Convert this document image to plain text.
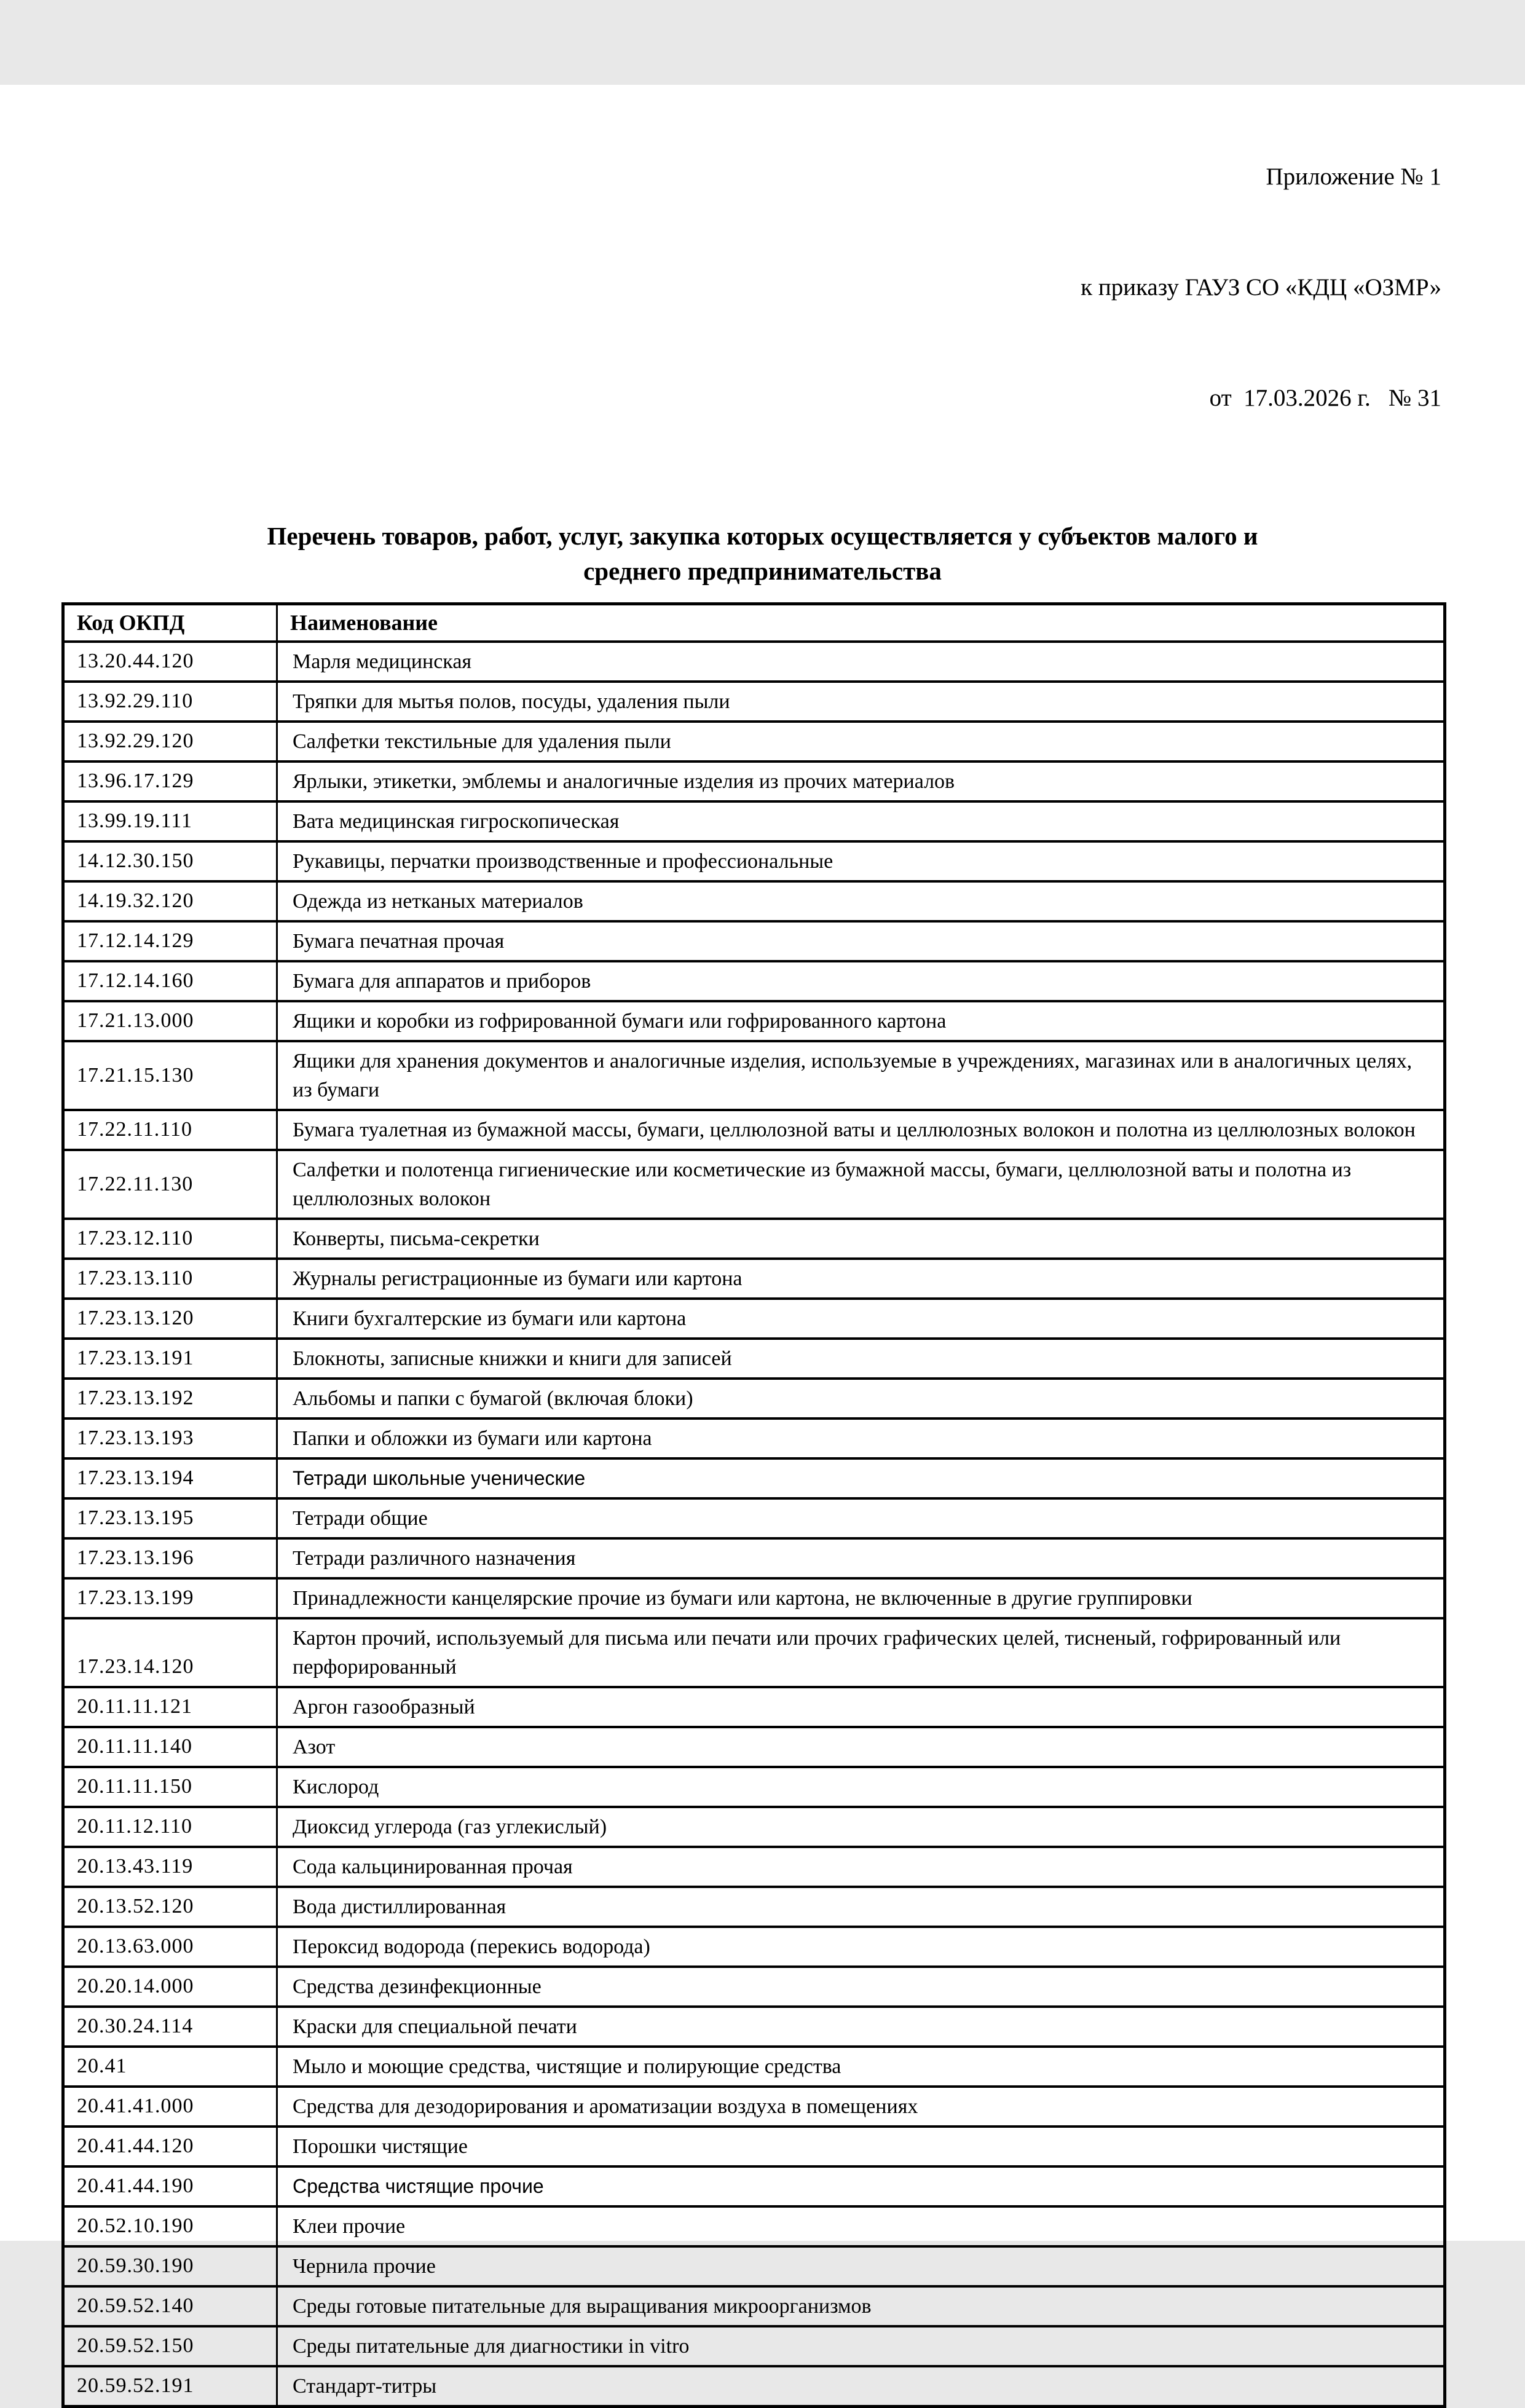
Приложение № 1

к приказу ГАУЗ СО «КДЦ «ОЗМР»

от  17.03.2026 г.   № 31

Перечень товаров, работ, услуг, закупка которых осуществляется у субъектов малого и
среднего предпринимательства
Код ОКПД	Наименование
13.20.44.120	Марля медицинская
13.92.29.110	Тряпки для мытья полов, посуды, удаления пыли
13.92.29.120	Салфетки текстильные для удаления пыли
13.96.17.129	Ярлыки, этикетки, эмблемы и аналогичные изделия из прочих материалов
13.99.19.111	Вата медицинская гигроскопическая
14.12.30.150	Рукавицы, перчатки производственные и профессиональные
14.19.32.120	Одежда из нетканых материалов
17.12.14.129	Бумага печатная прочая
17.12.14.160	Бумага для аппаратов и приборов
17.21.13.000	Ящики и коробки из гофрированной бумаги или гофрированного картона
17.21.15.130	Ящики для хранения документов и аналогичные изделия, используемые в учреждениях, магазинах или в аналогичных целях, из бумаги
17.22.11.110	Бумага туалетная из бумажной массы, бумаги, целлюлозной ваты и целлюлозных волокон и полотна из целлюлозных волокон
17.22.11.130	Салфетки и полотенца гигиенические или косметические из бумажной массы, бумаги, целлюлозной ваты и полотна из целлюлозных волокон
17.23.12.110	Конверты, письма-секретки
17.23.13.110	Журналы регистрационные из бумаги или картона
17.23.13.120	Книги бухгалтерские из бумаги или картона
17.23.13.191	Блокноты, записные книжки и книги для записей
17.23.13.192	Альбомы и папки с бумагой (включая блоки)
17.23.13.193	Папки и обложки из бумаги или картона
17.23.13.194	Тетради школьные ученические
17.23.13.195	Тетради общие
17.23.13.196	Тетради различного назначения
17.23.13.199	Принадлежности канцелярские прочие из бумаги или картона, не включенные в другие группировки
17.23.14.120	Картон прочий, используемый для письма или печати или прочих графических целей, тисненый, гофрированный или перфорированный
20.11.11.121	Аргон газообразный
20.11.11.140	Азот
20.11.11.150	Кислород
20.11.12.110	Диоксид углерода (газ углекислый)
20.13.43.119	Сода кальцинированная прочая
20.13.52.120	Вода дистиллированная
20.13.63.000	Пероксид водорода (перекись водорода)
20.20.14.000	Средства дезинфекционные
20.30.24.114	Краски для специальной печати
20.41	Мыло и моющие средства, чистящие и полирующие средства
20.41.41.000	Средства для дезодорирования и ароматизации воздуха в помещениях
20.41.44.120	Порошки чистящие
20.41.44.190	Средства чистящие прочие
20.52.10.190	Клеи прочие
20.59.30.190	Чернила прочие
20.59.52.140	Среды готовые питательные для выращивания микроорганизмов
20.59.52.150	Среды питательные для диагностики in vitro
20.59.52.191	Стандарт-титры
